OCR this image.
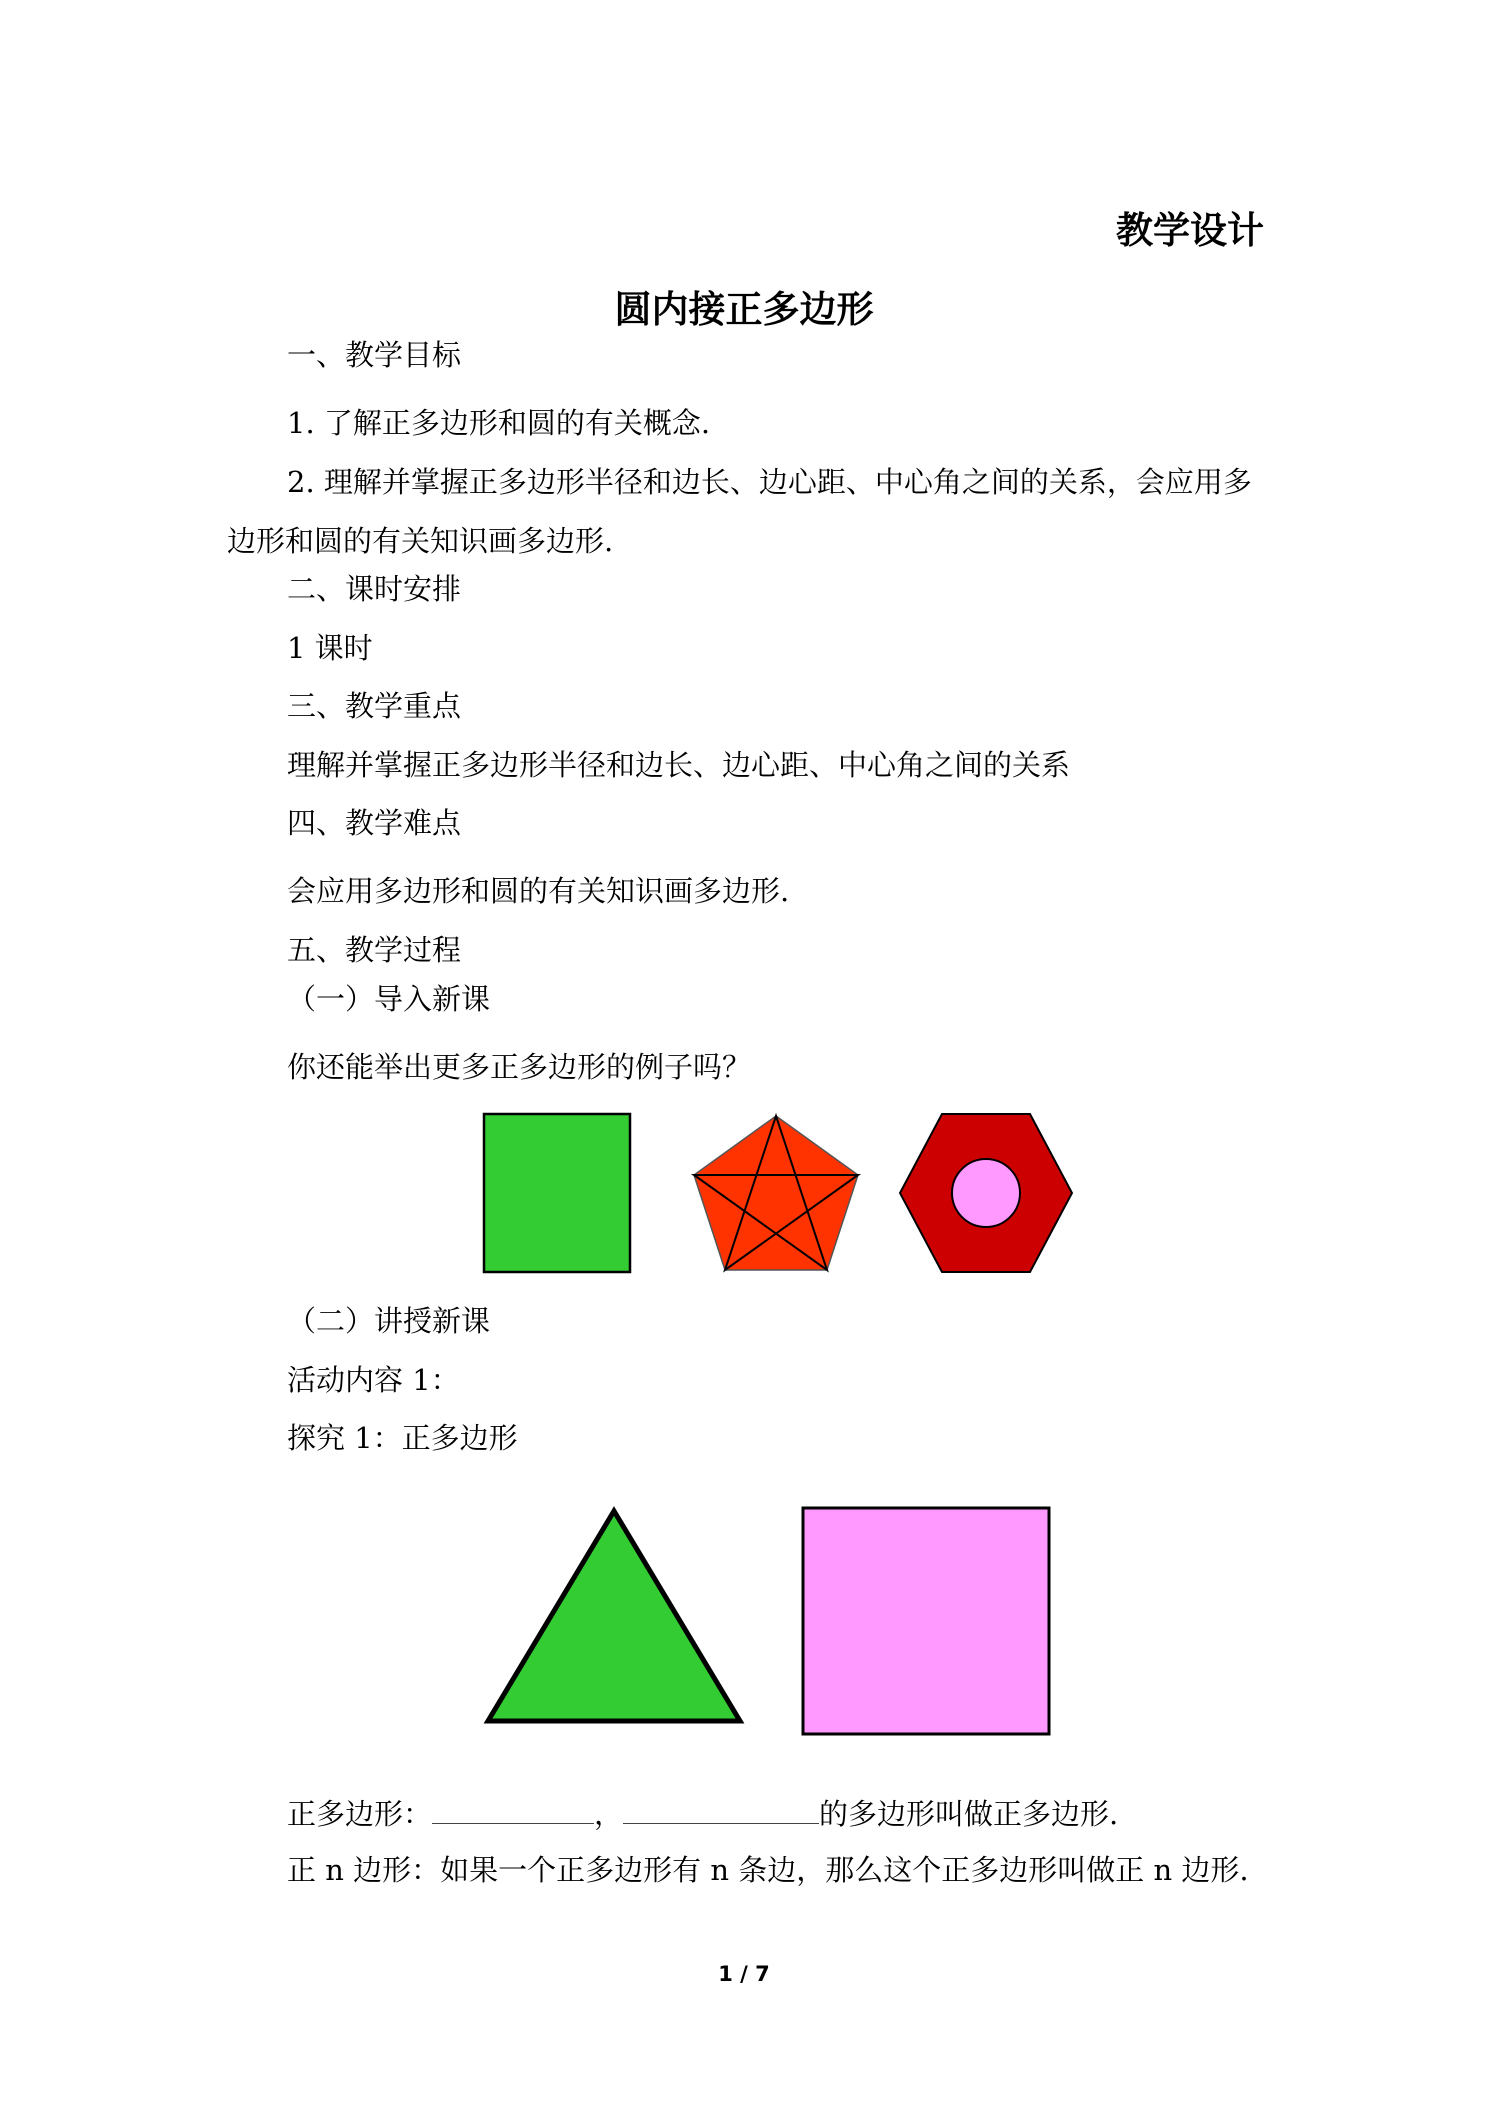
教学设计
圆内接正多边形
一、教学目标
1. 了解正多边形和圆的有关概念.
2. 理解并掌握正多边形半径和边长、边心距、中心角之间的关系，会应用多
边形和圆的有关知识画多边形.
二、课时安排
1 课时
三、教学重点
理解并掌握正多边形半径和边长、边心距、中心角之间的关系
四、教学难点
会应用多边形和圆的有关知识画多边形.
五、教学过程
（一）导入新课
你还能举出更多正多边形的例子吗？
（二）讲授新课
活动内容 1：
探究 1：正多边形
正多边形：	，	的多边形叫做正多边形.
正 n 边形：如果一个正多边形有 n 条边，那么这个正多边形叫做正 n 边形.
1 / 7
